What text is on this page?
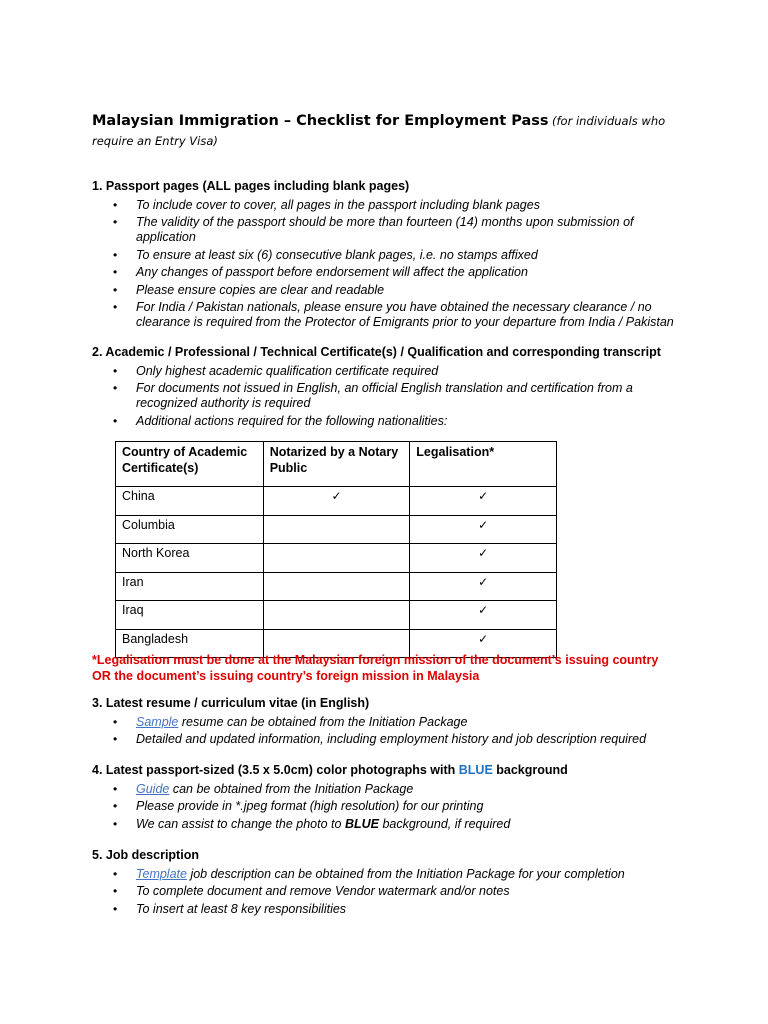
Malaysian Immigration – Checklist for Employment Pass (for individuals who require an Entry Visa)
1. Passport pages (ALL pages including blank pages)
• To include cover to cover, all pages in the passport including blank pages
• The validity of the passport should be more than fourteen (14) months upon submission of application
• To ensure at least six (6) consecutive blank pages, i.e. no stamps affixed
• Any changes of passport before endorsement will affect the application
• Please ensure copies are clear and readable
• For India / Pakistan nationals, please ensure you have obtained the necessary clearance / no clearance is required from the Protector of Emigrants prior to your departure from India / Pakistan
2. Academic / Professional / Technical Certificate(s) / Qualification and corresponding transcript
• Only highest academic qualification certificate required
• For documents not issued in English, an official English translation and certification from a recognized authority is required
• Additional actions required for the following nationalities:
Country of Academic Certificate(s)	Notarized by a Notary Public	Legalisation*
China	✓	✓
Columbia		✓
North Korea		✓
Iran		✓
Iraq		✓
Bangladesh		✓
*Legalisation must be done at the Malaysian foreign mission of the document’s issuing country
OR the document’s issuing country’s foreign mission in Malaysia
3. Latest resume / curriculum vitae (in English)
• Sample resume can be obtained from the Initiation Package
• Detailed and updated information, including employment history and job description required
4. Latest passport-sized (3.5 x 5.0cm) color photographs with BLUE background
• Guide can be obtained from the Initiation Package
• Please provide in *.jpeg format (high resolution) for our printing
• We can assist to change the photo to BLUE background, if required
5. Job description
• Template job description can be obtained from the Initiation Package for your completion
• To complete document and remove Vendor watermark and/or notes
• To insert at least 8 key responsibilities
